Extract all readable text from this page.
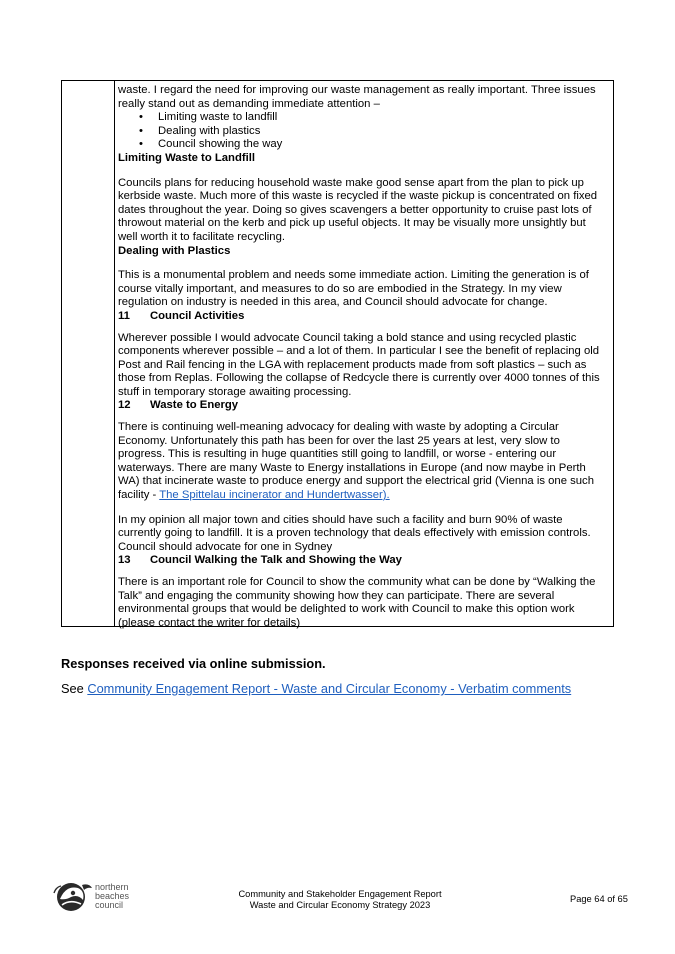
waste. I regard the need for improving our waste management as really important. Three issues really stand out as demanding immediate attention –

• Limiting waste to landfill
• Dealing with plastics
• Council showing the way

Limiting Waste to Landfill

Councils plans for reducing household waste make good sense apart from the plan to pick up kerbside waste. Much more of this waste is recycled if the waste pickup is concentrated on fixed dates throughout the year. Doing so gives scavengers a better opportunity to cruise past lots of throwout material on the kerb and pick up useful objects. It may be visually more unsightly but well worth it to facilitate recycling.

Dealing with Plastics

This is a monumental problem and needs some immediate action. Limiting the generation is of course vitally important, and measures to do so are embodied in the Strategy. In my view regulation on industry is needed in this area, and Council should advocate for change.

11 Council Activities

Wherever possible I would advocate Council taking a bold stance and using recycled plastic components wherever possible – and a lot of them. In particular I see the benefit of replacing old Post and Rail fencing in the LGA with replacement products made from soft plastics – such as those from Replas. Following the collapse of Redcycle there is currently over 4000 tonnes of this stuff in temporary storage awaiting processing.

12 Waste to Energy

There is continuing well-meaning advocacy for dealing with waste by adopting a Circular Economy. Unfortunately this path has been for over the last 25 years at lest, very slow to progress. This is resulting in huge quantities still going to landfill, or worse - entering our waterways. There are many Waste to Energy installations in Europe (and now maybe in Perth WA) that incinerate waste to produce energy and support the electrical grid (Vienna is one such facility - The Spittelau incinerator and Hundertwasser).

In my opinion all major town and cities should have such a facility and burn 90% of waste currently going to landfill. It is a proven technology that deals effectively with emission controls. Council should advocate for one in Sydney

13 Council Walking the Talk and Showing the Way

There is an important role for Council to show the community what can be done by “Walking the Talk” and engaging the community showing how they can participate. There are several environmental groups that would be delighted to work with Council to make this option work (please contact the writer for details)

Responses received via online submission.

See Community Engagement Report - Waste and Circular Economy - Verbatim comments

northern
beaches
council
Community and Stakeholder Engagement Report
Waste and Circular Economy Strategy 2023
Page 64 of 65
